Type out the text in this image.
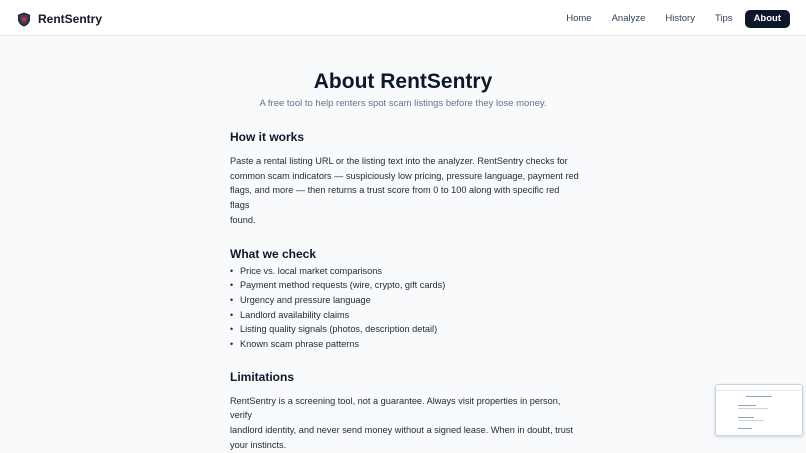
RentSentry	Home	Analyze	History	Tips	About
About RentSentry

A free tool to help renters spot scam listings before they lose money.

How it works

Paste a rental listing URL or the listing text into the analyzer. RentSentry checks for
common scam indicators — suspiciously low pricing, pressure language, payment red
flags, and more — then returns a trust score from 0 to 100 along with specific red flags
found.

What we check
• Price vs. local market comparisons
• Payment method requests (wire, crypto, gift cards)
• Urgency and pressure language
• Landlord availability claims
• Listing quality signals (photos, description detail)
• Known scam phrase patterns
Limitations

RentSentry is a screening tool, not a guarantee. Always visit properties in person, verify
landlord identity, and never send money without a signed lease. When in doubt, trust
your instincts.
